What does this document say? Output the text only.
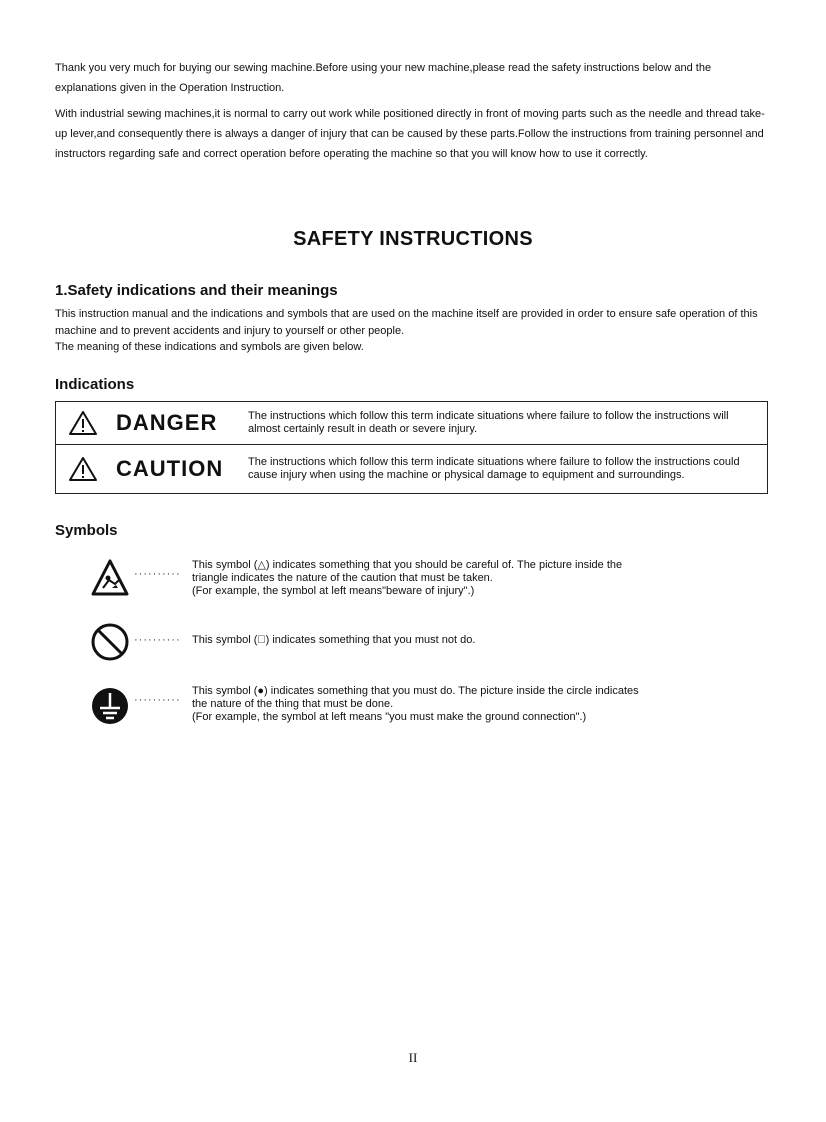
Thank you very much for buying our sewing machine.Before using your new machine,please read the safety instructions below and the explanations given in the Operation Instruction.

With industrial sewing machines,it is normal to carry out work while positioned directly in front of moving parts such as the needle and thread take-up lever,and consequently there is always a danger of injury that can be caused by these parts.Follow the instructions from training personnel and instructors regarding safe and correct operation before operating the machine so that you will know how to use it correctly.

SAFETY INSTRUCTIONS
1.Safety indications and their meanings

This instruction manual and the indications and symbols that are used on the machine itself are provided in order to ensure safe operation of this machine and to prevent accidents and injury to yourself or other people.

The meaning of these indications and symbols are given below.

Indications
DANGER	The instructions which follow this term indicate situations where failure to follow the instructions will almost certainly result in death or severe injury.
CAUTION The instructions which follow this term indicate situations where failure to follow the instructions could cause injury when using the machine or physical damage to equipment and surroundings.
Symbols
··········
This symbol (△) indicates something that you should be careful of. The picture inside the
triangle indicates the nature of the caution that must be taken.
(For example, the symbol at left means"beware of injury".)
·········· This symbol (⃠) indicates something that you must not do.
··········
This symbol (●) indicates something that you must do. The picture inside the circle indicates
the nature of the thing that must be done.
(For example, the symbol at left means "you must make the ground connection".)
II
